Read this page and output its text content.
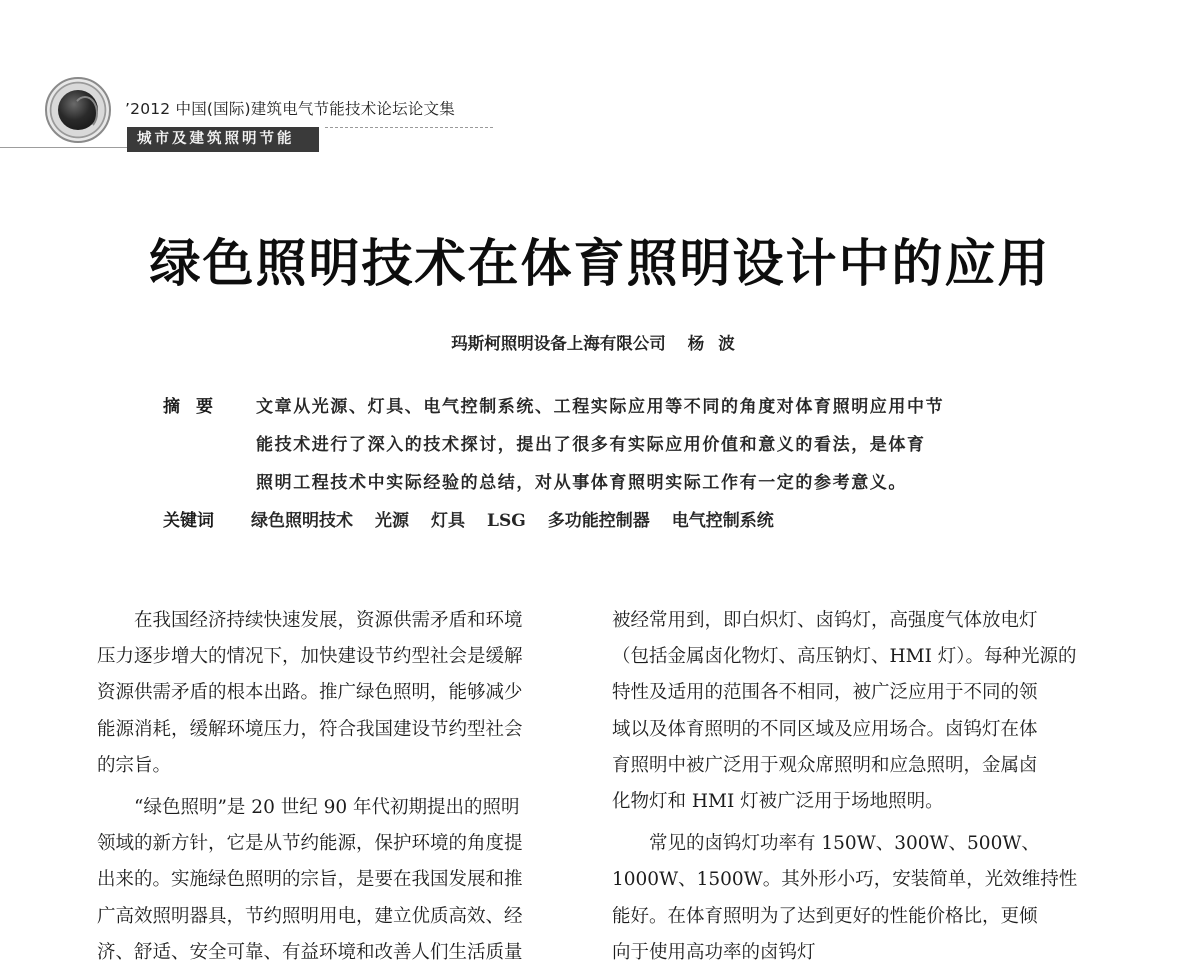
’2012 中国(国际)建筑电气节能技术论坛论文集
城市及建筑照明节能
绿色照明技术在体育照明设计中的应用
玛斯柯照明设备上海有限公司 杨波
摘要 文章从光源、灯具、电气控制系统、工程实际应用等不同的角度对体育照明应用中节
能技术进行了深入的技术探讨，提出了很多有实际应用价值和意义的看法，是体育
照明工程技术中实际经验的总结，对从事体育照明实际工作有一定的参考意义。
关键词 绿色照明技术 光源 灯具 LSG 多功能控制器 电气控制系统

在我国经济持续快速发展，资源供需矛盾和环境
压力逐步增大的情况下，加快建设节约型社会是缓解
资源供需矛盾的根本出路。推广绿色照明，能够减少
能源消耗，缓解环境压力，符合我国建设节约型社会
的宗旨。

“绿色照明”是 20 世纪 90 年代初期提出的照明
领域的新方针，它是从节约能源，保护环境的角度提
出来的。实施绿色照明的宗旨，是要在我国发展和推
广高效照明器具，节约照明用电，建立优质高效、经
济、舒适、安全可靠、有益环境和改善人们生活质量

被经常用到，即白炽灯、卤钨灯，高强度气体放电灯
（包括金属卤化物灯、高压钠灯、HMI 灯）。每种光源的
特性及适用的范围各不相同，被广泛应用于不同的领
域以及体育照明的不同区域及应用场合。卤钨灯在体
育照明中被广泛用于观众席照明和应急照明，金属卤
化物灯和 HMI 灯被广泛用于场地照明。

常见的卤钨灯功率有 150W、300W、500W、
1000W、1500W。其外形小巧，安装简单，光效维持性
能好。在体育照明为了达到更好的性能价格比，更倾
向于使用高功率的卤钨灯
